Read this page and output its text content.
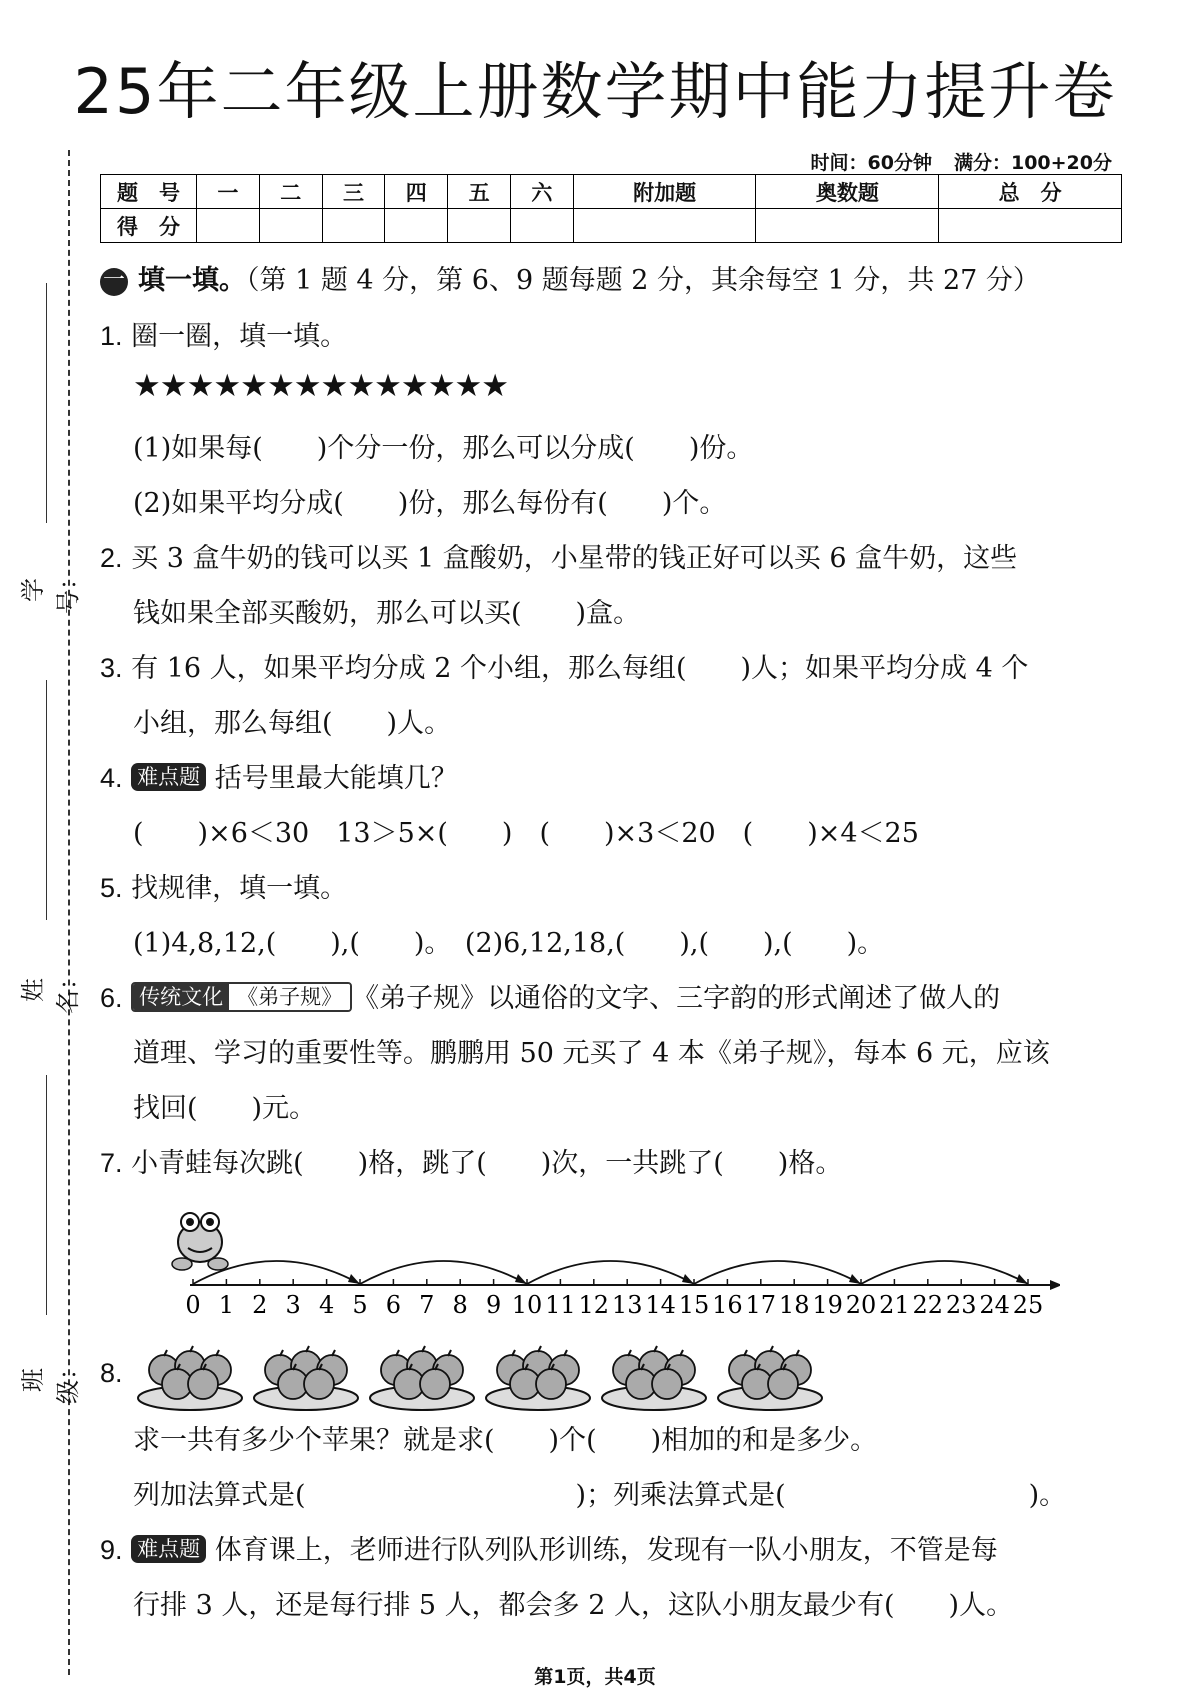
25年二年级上册数学期中能力提升卷
时间：60分钟 满分：100+20分
题　号	一	二	三	四	五	六	附加题	奥数题	总　分
得　分									
学号：
姓名：
班级：
一 填一填。（第 1 题 4 分，第 6、9 题每题 2 分，其余每空 1 分，共 27 分）
1. 圈一圈，填一填。
★★★★★★★★★★★★★★
(1)如果每(　　)个分一份，那么可以分成(　　)份。
(2)如果平均分成(　　)份，那么每份有(　　)个。
2. 买 3 盒牛奶的钱可以买 1 盒酸奶，小星带的钱正好可以买 6 盒牛奶，这些
钱如果全部买酸奶，那么可以买(　　)盒。
3. 有 16 人，如果平均分成 2 个小组，那么每组(　　)人；如果平均分成 4 个
小组，那么每组(　　)人。
4. 难点题 括号里最大能填几？
(　　)×6＜30　13＞5×(　　)　(　　)×3＜20　(　　)×4＜25
5. 找规律，填一填。
(1)4,8,12,(　　),(　　)。　(2)6,12,18,(　　),(　　),(　　)。
6. 传统文化 《弟子规》 《弟子规》以通俗的文字、三字韵的形式阐述了做人的
道理、学习的重要性等。鹏鹏用 50 元买了 4 本《弟子规》，每本 6 元，应该
找回(　　)元。
7. 小青蛙每次跳(　　)格，跳了(　　)次，一共跳了(　　)格。
0 1 2 3 4 5 6 7 8 9 10 11 12 13 14 15 16 17 18 19 20 21 22 23 24 25
8.
求一共有多少个苹果？就是求(　　)个(　　)相加的和是多少。
列加法算式是(　　　　　　　　　　)；列乘法算式是(　　　　　　　　　)。
9. 难点题 体育课上，老师进行队列队形训练，发现有一队小朋友，不管是每
行排 3 人，还是每行排 5 人，都会多 2 人，这队小朋友最少有(　　)人。
第1页，共4页
